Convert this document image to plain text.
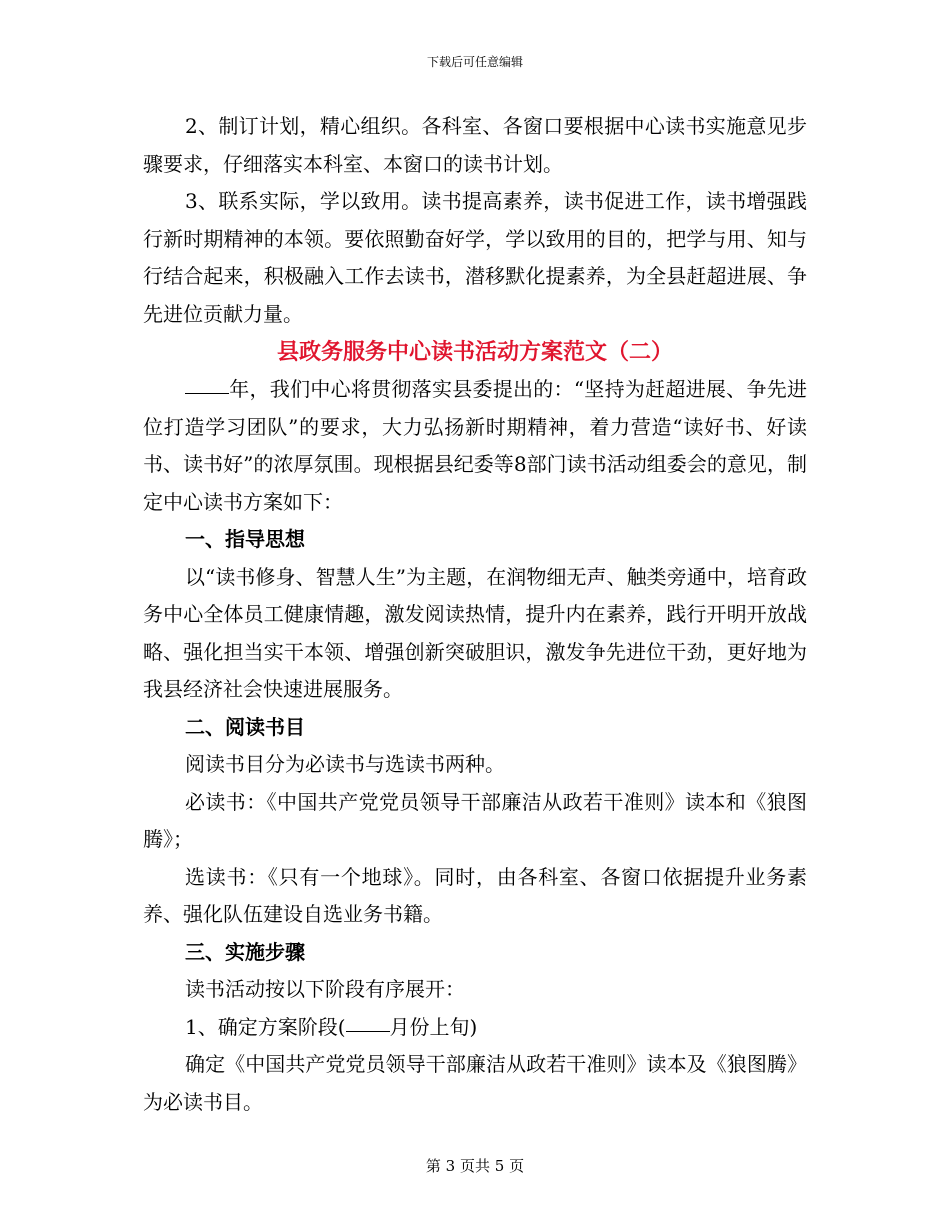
下载后可任意编辑

2、制订计划，精心组织。各科室、各窗口要根据中心读书实施意见步骤要求，仔细落实本科室、本窗口的读书计划。

3、联系实际，学以致用。读书提高素养，读书促进工作，读书增强践行新时期精神的本领。要依照勤奋好学，学以致用的目的，把学与用、知与行结合起来，积极融入工作去读书，潜移默化提素养，为全县赶超进展、争先进位贡献力量。

县政务服务中心读书活动方案范文（二）

年，我们中心将贯彻落实县委提出的：“坚持为赶超进展、争先进位打造学习团队”的要求，大力弘扬新时期精神，着力营造“读好书、好读书、读书好”的浓厚氛围。现根据县纪委等8部门读书活动组委会的意见，制定中心读书方案如下：

一、指导思想

以“读书修身、智慧人生”为主题，在润物细无声、触类旁通中，培育政务中心全体员工健康情趣，激发阅读热情，提升内在素养，践行开明开放战略、强化担当实干本领、增强创新突破胆识，激发争先进位干劲，更好地为我县经济社会快速进展服务。

二、阅读书目

阅读书目分为必读书与选读书两种。

必读书：《中国共产党党员领导干部廉洁从政若干准则》读本和《狼图腾》；

选读书：《只有一个地球》。同时，由各科室、各窗口依据提升业务素养、强化队伍建设自选业务书籍。

三、实施步骤

读书活动按以下阶段有序展开：

1、确定方案阶段( 月份上旬)

确定《中国共产党党员领导干部廉洁从政若干准则》读本及《狼图腾》为必读书目。

第 3 页共 5 页
